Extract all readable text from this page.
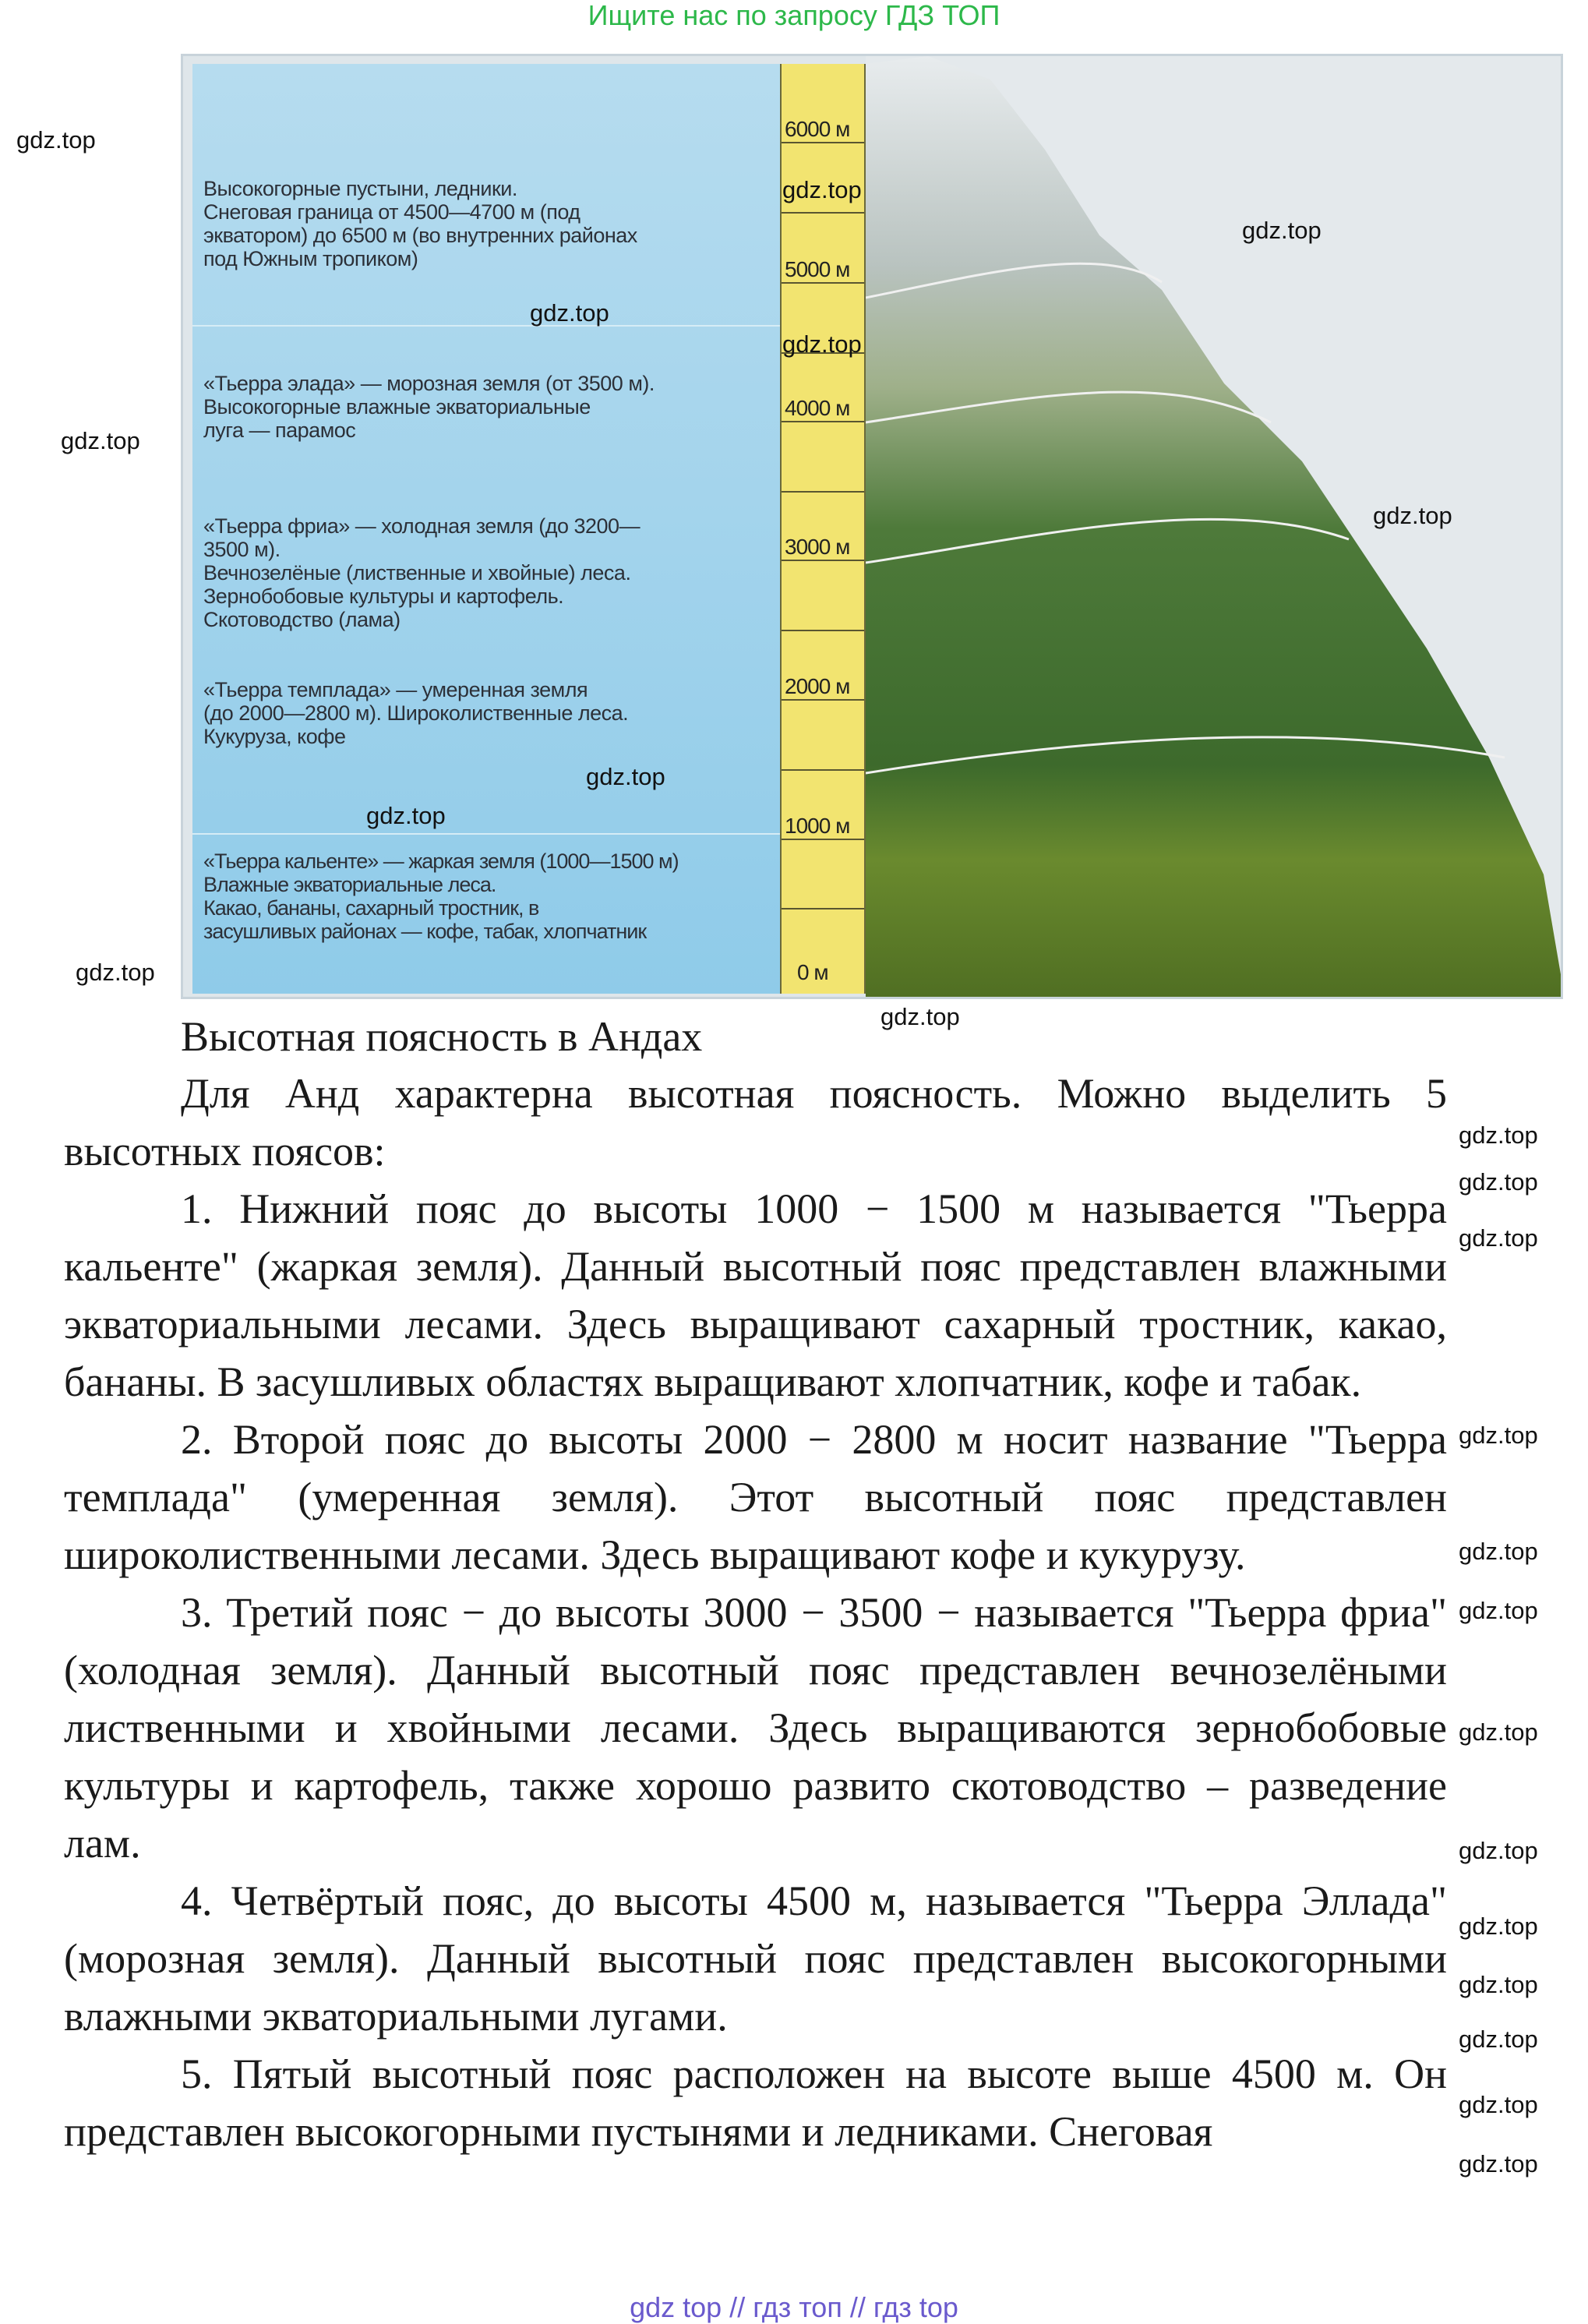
Ищите нас по запросу ГДЗ ТОП
Высокогорные пустыни, ледники.
Снеговая граница от 4500—4700 м (под
экватором) до 6500 м (во внутренних районах
под Южным тропиком)
«Тьерра элада» — морозная земля (от 3500 м).
Высокогорные влажные экваториальные
луга — парамос
«Тьерра фриа» — холодная земля (до 3200—
3500 м).
Вечнозелёные (лиственные и хвойные) леса.
Зернобобовые культуры и картофель.
Скотоводство (лама)
«Тьерра темплада» — умеренная земля
(до 2000—2800 м). Широколиственные леса.
Кукуруза, кофе
«Тьерра кальенте» — жаркая земля (1000—1500 м)
Влажные экваториальные леса.
Какао, бананы, сахарный тростник, в
засушливых районах — кофе, табак, хлопчатник
6000 м
5000 м
4000 м
3000 м
2000 м
1000 м
0 м
Высотная поясность в Андах

Для Анд характерна высотная поясность. Можно выделить 5 высотных поясов:

1. Нижний пояс до высоты 1000 − 1500 м называется "Тьерра кальенте" (жаркая земля). Данный высотный пояс представлен влажными экваториальными лесами. Здесь выращивают сахарный тростник, какао, бананы. В засушливых областях выращивают хлопчатник, кофе и табак.

2. Второй пояс до высоты 2000 − 2800 м носит название "Тьерра темплада" (умеренная земля). Этот высотный пояс представлен широколиственными лесами. Здесь выращивают кофе и кукурузу.

3. Третий пояс − до высоты 3000 − 3500 − называется "Тьерра фриа" (холодная земля). Данный высотный пояс представлен вечнозелёными лиственными и хвойными лесами. Здесь выращиваются зернобобовые культуры и картофель, также хорошо развито скотоводство – разведение лам.

4. Четвёртый пояс, до высоты 4500 м, называется "Тьерра Эллада" (морозная земля). Данный высотный пояс представлен высокогорными влажными экваториальными лугами.

5. Пятый высотный пояс расположен на высоте выше 4500 м. Он представлен высокогорными пустынями и ледниками. Снеговая

gdz.top
gdz.top
gdz.top
gdz.top
gdz.top
gdz.top
gdz.top
gdz.top
gdz.top
gdz.top
gdz.top
gdz.top
gdz.top
gdz.top
gdz.top
gdz.top
gdz.top
gdz.top
gdz.top
gdz.top
gdz.top
gdz.top
gdz.top
gdz.top
gdz top // гдз топ // гдз top
